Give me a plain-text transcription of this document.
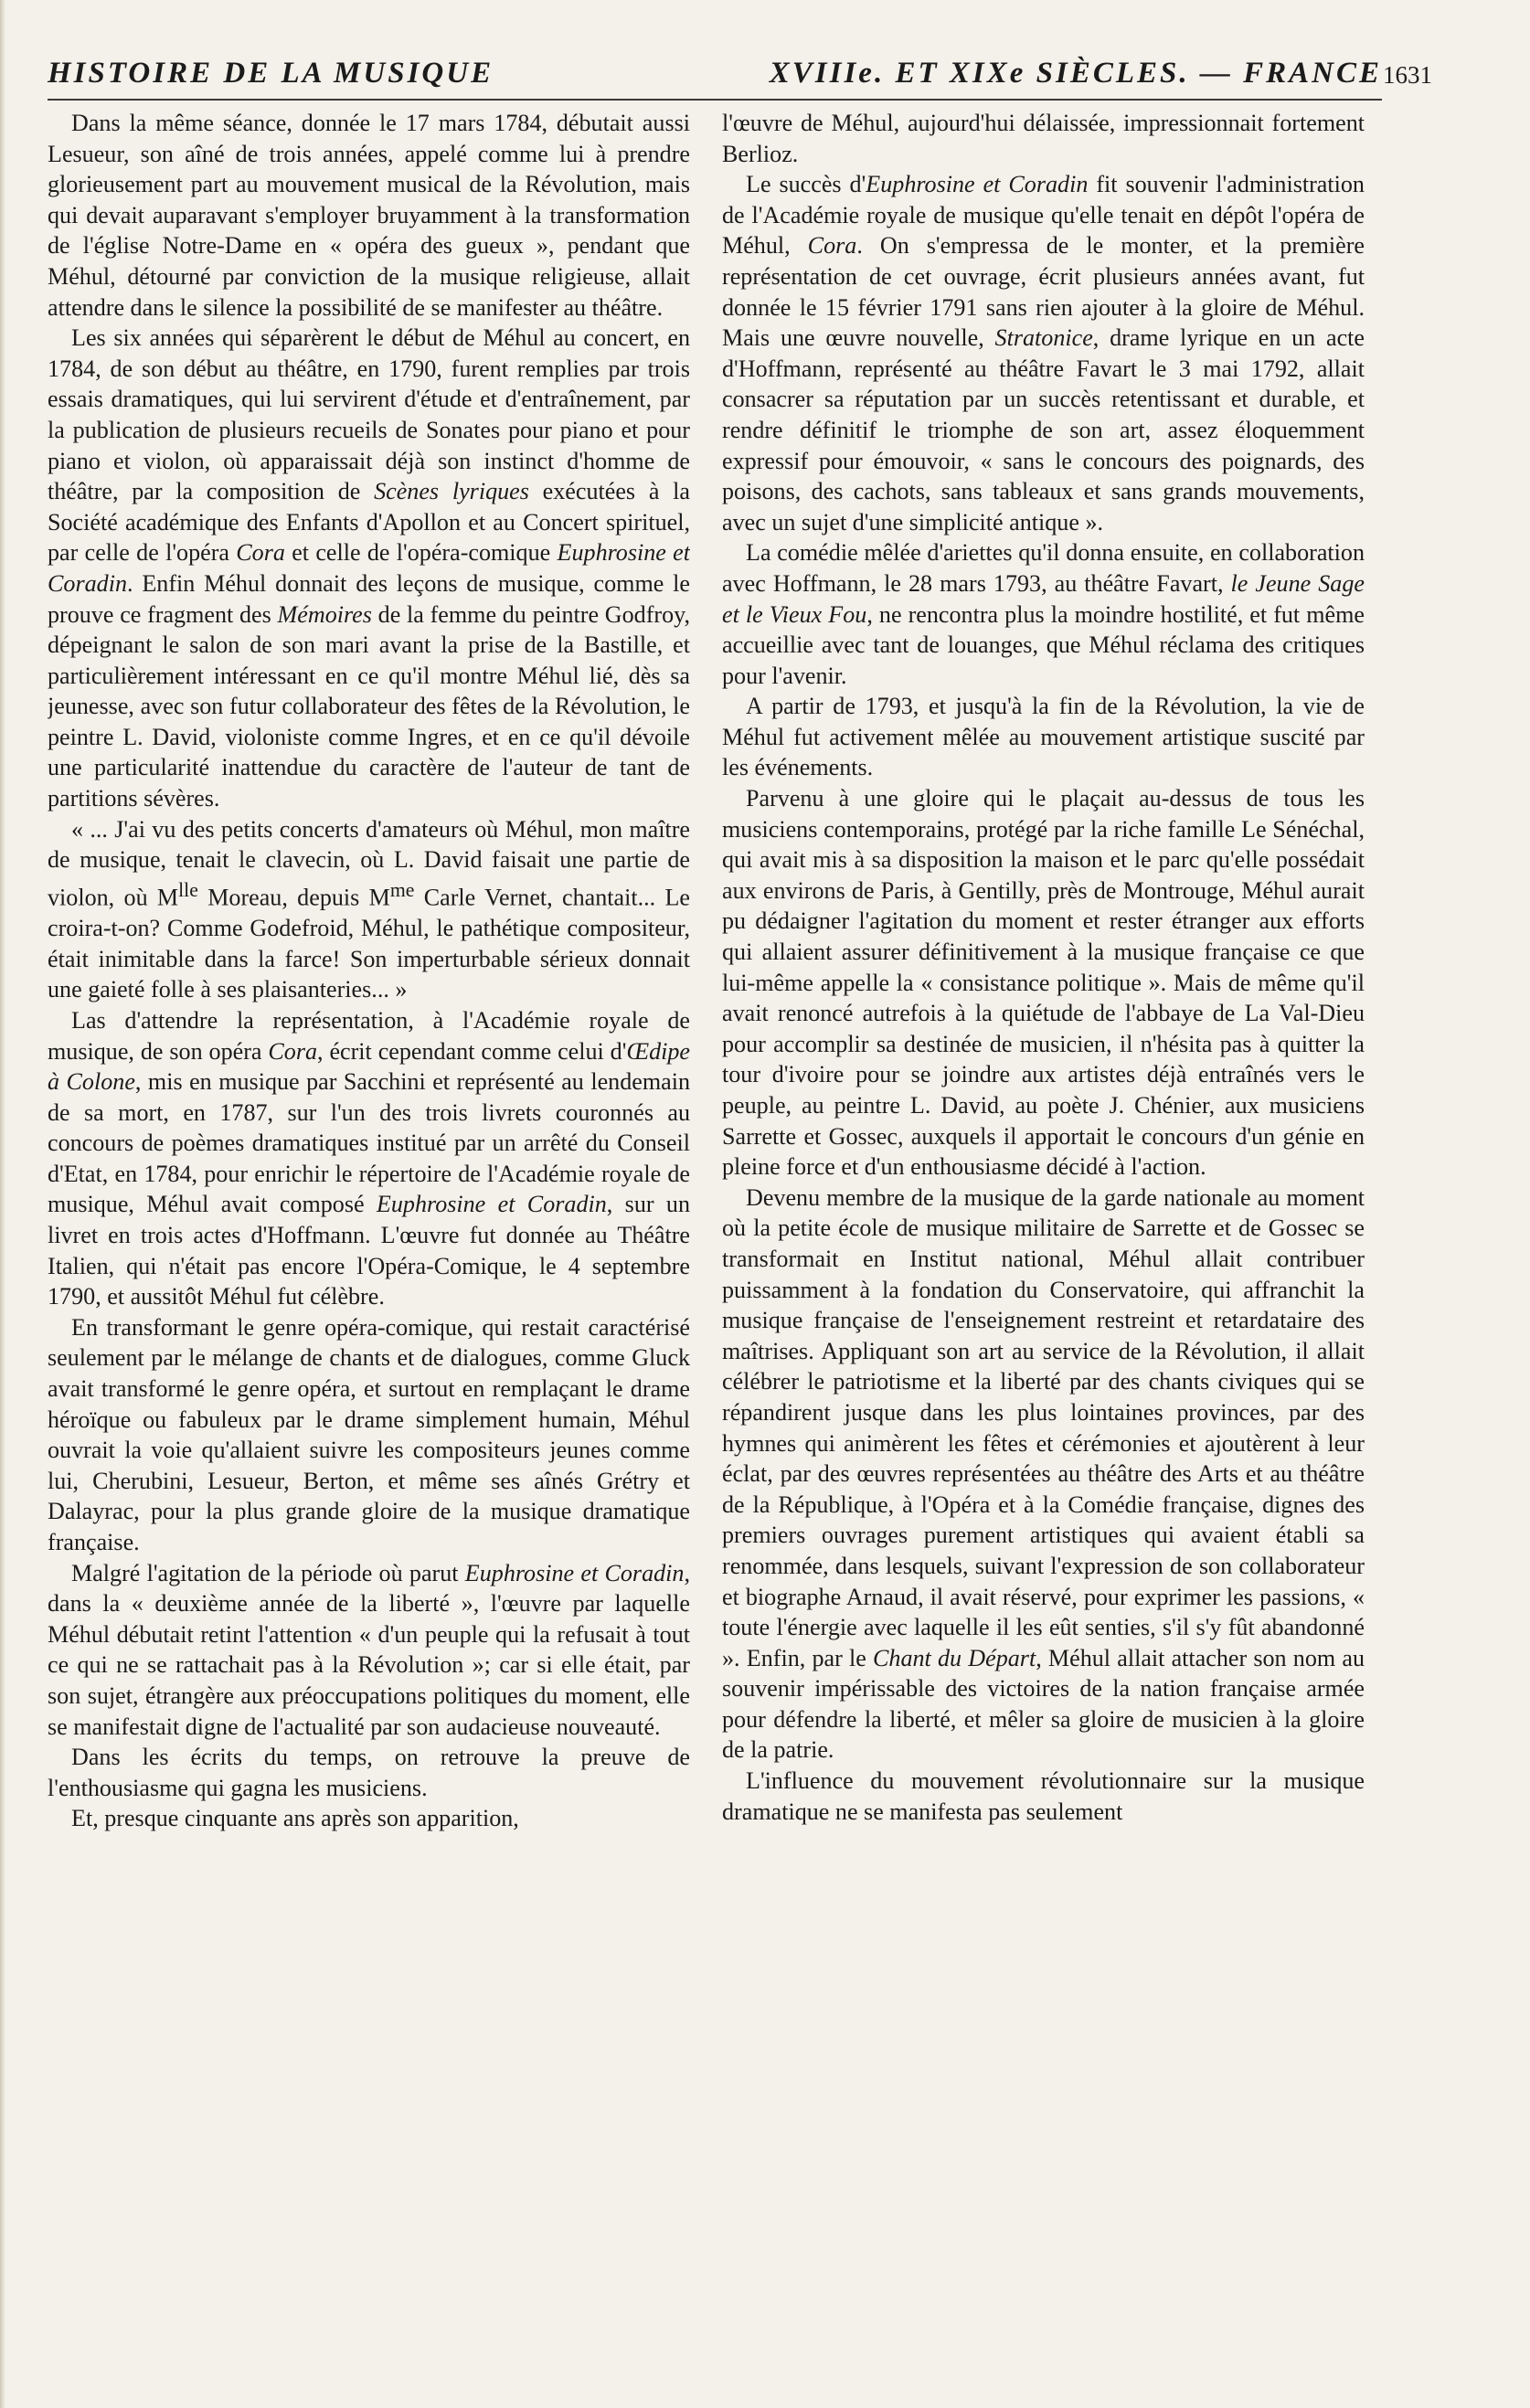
HISTOIRE DE LA MUSIQUE	XVIIIe. ET XIXe SIÈCLES. — FRANCE 1631

Dans la même séance, donnée le 17 mars 1784, débutait aussi Lesueur, son aîné de trois années, appelé comme lui à prendre glorieusement part au mouvement musical de la Révolution, mais qui devait auparavant s'employer bruyamment à la transformation de l'église Notre-Dame en « opéra des gueux », pendant que Méhul, détourné par conviction de la musique religieuse, allait attendre dans le silence la possibilité de se manifester au théâtre.

Les six années qui séparèrent le début de Méhul au concert, en 1784, de son début au théâtre, en 1790, furent remplies par trois essais dramatiques, qui lui servirent d'étude et d'entraînement, par la publication de plusieurs recueils de Sonates pour piano et pour piano et violon, où apparaissait déjà son instinct d'homme de théâtre, par la composition de Scènes lyriques exécutées à la Société académique des Enfants d'Apollon et au Concert spirituel, par celle de l'opéra Cora et celle de l'opéra-comique Euphrosine et Coradin. Enfin Méhul donnait des leçons de musique, comme le prouve ce fragment des Mémoires de la femme du peintre Godfroy, dépeignant le salon de son mari avant la prise de la Bastille, et particulièrement intéressant en ce qu'il montre Méhul lié, dès sa jeunesse, avec son futur collaborateur des fêtes de la Révolution, le peintre L. David, violoniste comme Ingres, et en ce qu'il dévoile une particularité inattendue du caractère de l'auteur de tant de partitions sévères.

« ... J'ai vu des petits concerts d'amateurs où Méhul, mon maître de musique, tenait le clavecin, où L. David faisait une partie de violon, où $M^{lle}$ Moreau, depuis $M^{me}$ Carle Vernet, chantait... Le croira-t-on? Comme Godefroid, Méhul, le pathétique compositeur, était inimitable dans la farce! Son imperturbable sérieux donnait une gaieté folle à ses plaisanteries... »

Las d'attendre la représentation, à l'Académie royale de musique, de son opéra Cora, écrit cependant comme celui d'Œdipe à Colone, mis en musique par Sacchini et représenté au lendemain de sa mort, en 1787, sur l'un des trois livrets couronnés au concours de poèmes dramatiques institué par un arrêté du Conseil d'Etat, en 1784, pour enrichir le répertoire de l'Académie royale de musique, Méhul avait composé Euphrosine et Coradin, sur un livret en trois actes d'Hoffmann. L'œuvre fut donnée au Théâtre Italien, qui n'était pas encore l'Opéra-Comique, le 4 septembre 1790, et aussitôt Méhul fut célèbre.

En transformant le genre opéra-comique, qui restait caractérisé seulement par le mélange de chants et de dialogues, comme Gluck avait transformé le genre opéra, et surtout en remplaçant le drame héroïque ou fabuleux par le drame simplement humain, Méhul ouvrait la voie qu'allaient suivre les compositeurs jeunes comme lui, Cherubini, Lesueur, Berton, et même ses aînés Grétry et Dalayrac, pour la plus grande gloire de la musique dramatique française.

Malgré l'agitation de la période où parut Euphrosine et Coradin, dans la « deuxième année de la liberté », l'œuvre par laquelle Méhul débutait retint l'attention « d'un peuple qui la refusait à tout ce qui ne se rattachait pas à la Révolution »; car si elle était, par son sujet, étrangère aux préoccupations politiques du moment, elle se manifestait digne de l'actualité par son audacieuse nouveauté.

Dans les écrits du temps, on retrouve la preuve de l'enthousiasme qui gagna les musiciens.

Et, presque cinquante ans après son apparition,

l'œuvre de Méhul, aujourd'hui délaissée, impressionnait fortement Berlioz.

Le succès d'Euphrosine et Coradin fit souvenir l'administration de l'Académie royale de musique qu'elle tenait en dépôt l'opéra de Méhul, Cora. On s'empressa de le monter, et la première représentation de cet ouvrage, écrit plusieurs années avant, fut donnée le 15 février 1791 sans rien ajouter à la gloire de Méhul. Mais une œuvre nouvelle, Stratonice, drame lyrique en un acte d'Hoffmann, représenté au théâtre Favart le 3 mai 1792, allait consacrer sa réputation par un succès retentissant et durable, et rendre définitif le triomphe de son art, assez éloquemment expressif pour émouvoir, « sans le concours des poignards, des poisons, des cachots, sans tableaux et sans grands mouvements, avec un sujet d'une simplicité antique ».

La comédie mêlée d'ariettes qu'il donna ensuite, en collaboration avec Hoffmann, le 28 mars 1793, au théâtre Favart, le Jeune Sage et le Vieux Fou, ne rencontra plus la moindre hostilité, et fut même accueillie avec tant de louanges, que Méhul réclama des critiques pour l'avenir.

A partir de 1793, et jusqu'à la fin de la Révolution, la vie de Méhul fut activement mêlée au mouvement artistique suscité par les événements.

Parvenu à une gloire qui le plaçait au-dessus de tous les musiciens contemporains, protégé par la riche famille Le Sénéchal, qui avait mis à sa disposition la maison et le parc qu'elle possédait aux environs de Paris, à Gentilly, près de Montrouge, Méhul aurait pu dédaigner l'agitation du moment et rester étranger aux efforts qui allaient assurer définitivement à la musique française ce que lui-même appelle la « consistance politique ». Mais de même qu'il avait renoncé autrefois à la quiétude de l'abbaye de La Val-Dieu pour accomplir sa destinée de musicien, il n'hésita pas à quitter la tour d'ivoire pour se joindre aux artistes déjà entraînés vers le peuple, au peintre L. David, au poète J. Chénier, aux musiciens Sarrette et Gossec, auxquels il apportait le concours d'un génie en pleine force et d'un enthousiasme décidé à l'action.

Devenu membre de la musique de la garde nationale au moment où la petite école de musique militaire de Sarrette et de Gossec se transformait en Institut national, Méhul allait contribuer puissamment à la fondation du Conservatoire, qui affranchit la musique française de l'enseignement restreint et retardataire des maîtrises. Appliquant son art au service de la Révolution, il allait célébrer le patriotisme et la liberté par des chants civiques qui se répandirent jusque dans les plus lointaines provinces, par des hymnes qui animèrent les fêtes et cérémonies et ajoutèrent à leur éclat, par des œuvres représentées au théâtre des Arts et au théâtre de la République, à l'Opéra et à la Comédie française, dignes des premiers ouvrages purement artistiques qui avaient établi sa renommée, dans lesquels, suivant l'expression de son collaborateur et biographe Arnaud, il avait réservé, pour exprimer les passions, « toute l'énergie avec laquelle il les eût senties, s'il s'y fût abandonné ». Enfin, par le Chant du Départ, Méhul allait attacher son nom au souvenir impérissable des victoires de la nation française armée pour défendre la liberté, et mêler sa gloire de musicien à la gloire de la patrie.

L'influence du mouvement révolutionnaire sur la musique dramatique ne se manifesta pas seulement
